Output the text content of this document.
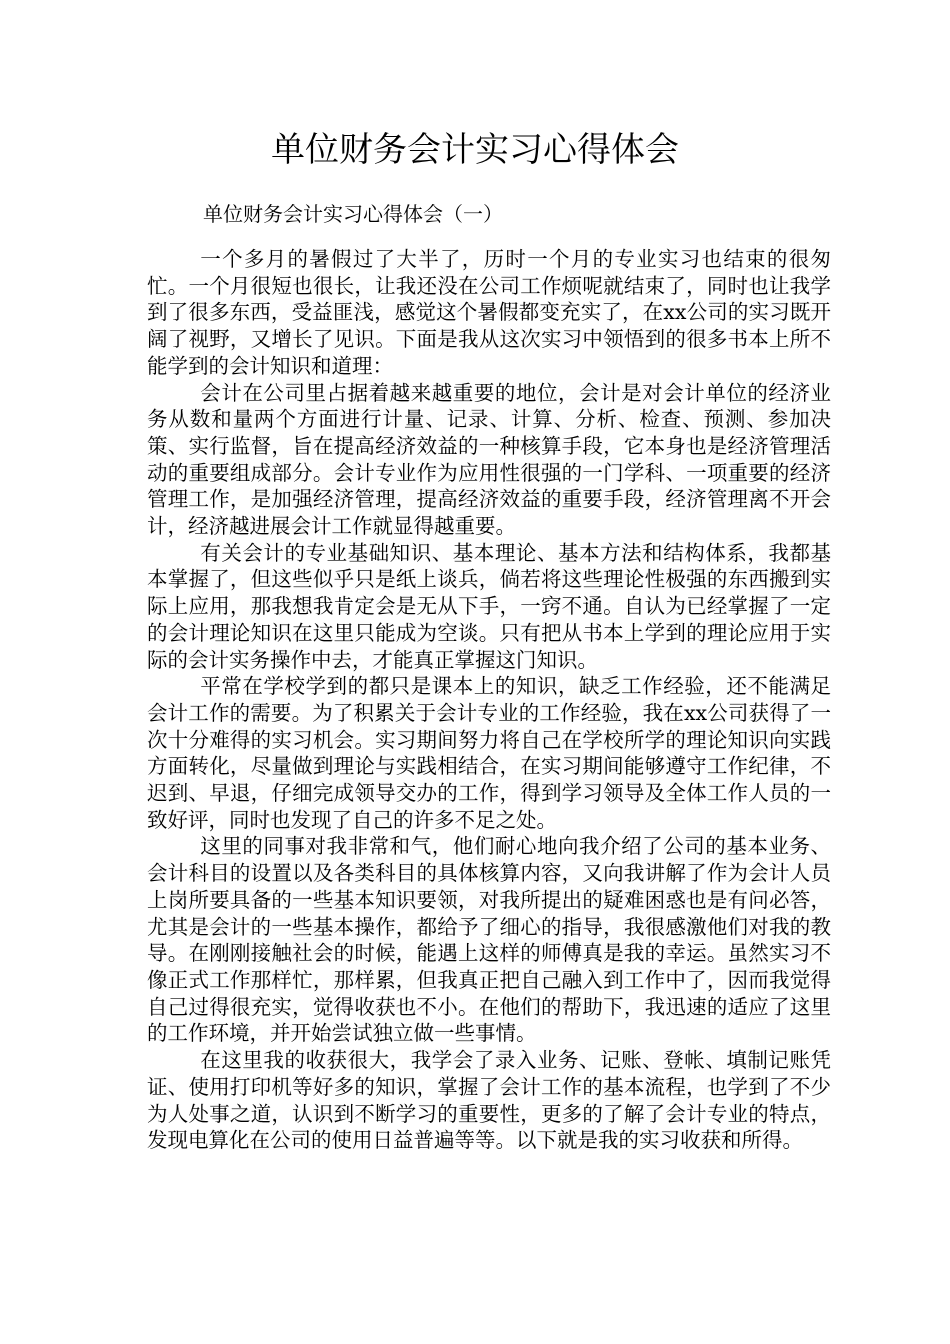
单位财务会计实习心得体会
单位财务会计实习心得体会（一）

一个多月的暑假过了大半了，历时一个月的专业实习也结束的很匆忙。一个月很短也很长，让我还没在公司工作烦呢就结束了，同时也让我学到了很多东西，受益匪浅，感觉这个暑假都变充实了，在xx公司的实习既开阔了视野，又增长了见识。下面是我从这次实习中领悟到的很多书本上所不能学到的会计知识和道理：

会计在公司里占据着越来越重要的地位，会计是对会计单位的经济业务从数和量两个方面进行计量、记录、计算、分析、检查、预测、参加决策、实行监督，旨在提高经济效益的一种核算手段，它本身也是经济管理活动的重要组成部分。会计专业作为应用性很强的一门学科、一项重要的经济管理工作，是加强经济管理，提高经济效益的重要手段，经济管理离不开会计，经济越进展会计工作就显得越重要。

有关会计的专业基础知识、基本理论、基本方法和结构体系，我都基本掌握了，但这些似乎只是纸上谈兵，倘若将这些理论性极强的东西搬到实际上应用，那我想我肯定会是无从下手，一窍不通。自认为已经掌握了一定的会计理论知识在这里只能成为空谈。只有把从书本上学到的理论应用于实际的会计实务操作中去，才能真正掌握这门知识。

平常在学校学到的都只是课本上的知识，缺乏工作经验，还不能满足会计工作的需要。为了积累关于会计专业的工作经验，我在xx公司获得了一次十分难得的实习机会。实习期间努力将自己在学校所学的理论知识向实践方面转化，尽量做到理论与实践相结合，在实习期间能够遵守工作纪律，不迟到、早退，仔细完成领导交办的工作，得到学习领导及全体工作人员的一致好评，同时也发现了自己的许多不足之处。

这里的同事对我非常和气，他们耐心地向我介绍了公司的基本业务、会计科目的设置以及各类科目的具体核算内容，又向我讲解了作为会计人员上岗所要具备的一些基本知识要领，对我所提出的疑难困惑也是有问必答，尤其是会计的一些基本操作，都给予了细心的指导，我很感激他们对我的教导。在刚刚接触社会的时候，能遇上这样的师傅真是我的幸运。虽然实习不像正式工作那样忙，那样累，但我真正把自己融入到工作中了，因而我觉得自己过得很充实，觉得收获也不小。在他们的帮助下，我迅速的适应了这里的工作环境，并开始尝试独立做一些事情。

在这里我的收获很大，我学会了录入业务、记账、登帐、填制记账凭证、使用打印机等好多的知识，掌握了会计工作的基本流程，也学到了不少为人处事之道，认识到不断学习的重要性，更多的了解了会计专业的特点，发现电算化在公司的使用日益普遍等等。以下就是我的实习收获和所得。
